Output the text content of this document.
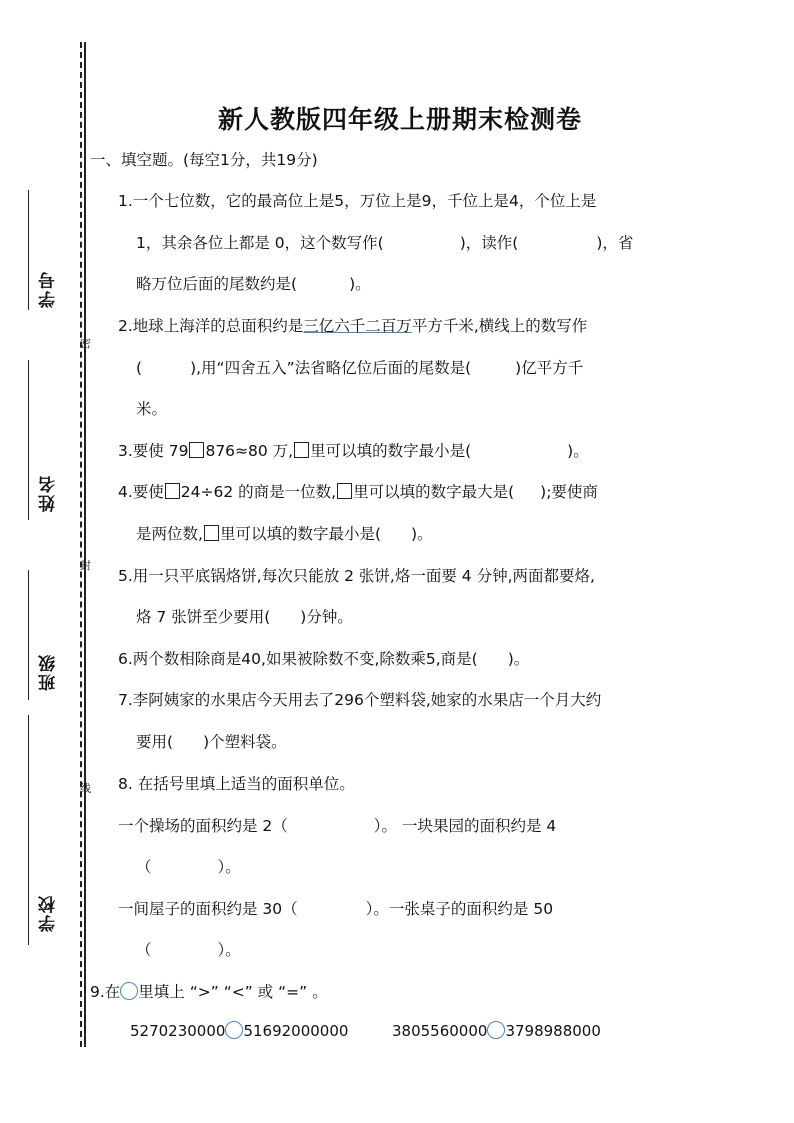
密
封
线
学号
姓名
班级
学校
新人教版四年级上册期末检测卷
一、填空题。(每空1分，共19分)
1.一个七位数，它的最高位上是5，万位上是9，千位上是4，个位上是
1，其余各位上都是 0，这个数写作(	)，读作(	)，省
略万位后面的尾数约是(	)。
2.地球上海洋的总面积约是三亿六千二百万平方千米,横线上的数写作
(	),用“四舍五入”法省略亿位后面的尾数是(	)亿平方千
米。
3.要使 79 876≈80 万, 里可以填的数字最小是(	)。
4.要使 24÷62 的商是一位数, 里可以填的数字最大是( );要使商
是两位数, 里可以填的数字最小是( )。
5.用一只平底锅烙饼,每次只能放 2 张饼,烙一面要 4 分钟,两面都要烙,
烙 7 张饼至少要用( )分钟。
6.两个数相除商是40,如果被除数不变,除数乘5,商是( )。
7.李阿姨家的水果店今天用去了296个塑料袋,她家的水果店一个月大约
要用( )个塑料袋。
8. 在括号里填上适当的面积单位。
一个操场的面积约是 2（	）。 一块果园的面积约是 4
（	）。
一间屋子的面积约是 30（	）。一张桌子的面积约是 50
（	）。
9.在 里填上 “>” “<” 或 “=” 。
5270230000 51692000000	3805560000 3798988000
